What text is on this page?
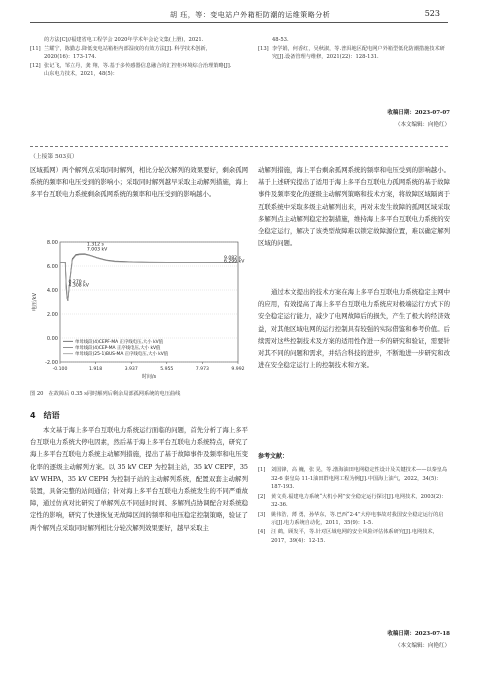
胡 珏，等：变电站户外箱柜防潮的运维策略分析	523
的方法[C]//福建省电工程学会 2020年学术年会论文集(上册)，2021.
[11] 兰耀宁，陈勤志.降低变电站箱柜内部湿度的有效方法[J]. 科学技术创新，2020(16)：173-174.
[12] 张记飞，邹立丹，龚 翔，等.基于多传感器信息融合的汇控柜环境综合治理策略[J].山东电力技术，2021，48(5)：
48-53.
[13] 李学娟，何香红，吴秋淑，等.普洱地区配电网户外箱型低化防潮措施技术研究[J].设备管理与维修，2021(22)：128-131.
收稿日期：2023-07-07
（本文编辑：向艳红）
（上接第 503页）

区域孤网）两个解列点采取同时解列，相比分轮次解列的效果要好，剩余孤网系统的频率和电压受到的影响小；采取同时解列越早采取主动解列措施，海上多平台互联电力系统剩余孤网系统的频率和电压受到的影响越小。

-2.00
0.00
2.00
4.00
6.00
8.00
-0.100	1.918	3.937	5.955	7.973	9.992
时间/s
电压/kV
1.312 s
7.003 kV
0.270 s
4.308 kV
9.082 s
6.299 kV
单母线段(4)CEPF-MA 正序线电压,大小 kV值
单母线段(4)CEP-MA 正序线电压,大小 kV值
单母线段(25-1)BUS-MA 正序线电压,大小 kV值
图 20　在故障后 0.35 s同时解列后剩余局部孤网系统的电压曲线
4　结语

本文基于海上多平台互联电力系统运行面临的问题，首先分析了海上多平台互联电力系统大停电因素，然后基于海上多平台互联电力系统特点，研究了海上多平台互联电力系统主动解列措施，提出了基于故障事件及频率和电压变化率的逐级主动解列方案。以 35 kV CEP 为控制主站，35 kV CEPF，35 kV WHPA，35 kV CEPH 为控制子站的主动解列系统，配置双套主动解列装置，具备完整的站间通信；针对海上多平台互联电力系统发生的不同严重故障，通过仿真对比研究了单解列点不同延时时间、多解列点协调配合对系统稳定性的影响，研究了快速恢复无故障区间的频率和电压稳定控制策略，验证了两个解列点采取同时解列相比分轮次解列效果要好，越早采取主

动解列措施，海上平台剩余孤网系统的频率和电压受到的影响越小。基于上述研究提出了适用于海上多平台互联电力孤网系统的基于故障事件及频率变化的逐级主动解列策略和技术方案，将故障区域隔离于互联系统中采取多级主动解列出来，再对未发生故障的孤网区域采取多解列点主动解列稳定控制措施，维持海上多平台互联电力系统的安全稳定运行，解决了该类型故障难以锁定故障源位置，难以确定解列区域的问题。

通过本文提出的技术方案在海上多平台互联电力系统稳定主网中的应用，有效提高了海上多平台互联电力系统应对极端运行方式下的安全稳定运行能力，减少了电网故障后的损失，产生了极大的经济效益，对其他区域电网的运行控制具有较强的实际借鉴和参考价值。后续需对这些控制技术及方案的适用性作进一步的研究和验证，需要针对其不同的问题和需求，并结合科技的进步，不断地进一步研究和改进在安全稳定运行上的控制技术和方案。

参考文献：
[1]	刘国锋，高 巍，张 晃，等.渤海油田电网稳定性设计及关键技术——以秦皇岛 32-6 秦皇岛 11-1油田群电网工程为例[J].中国海上油气，2022，34(5)：187-193.
[2]	黄文英.福建电力系统“大机小网”安全稳定运行探讨[J].电网技术，2003(2)：32-36.
[3]	姚伟浩，薄 勇，孙华东，等.巴西“2·4”大停电事故对我国安全稳定运行的启示[J].电力系统自动化，2011，35(9)：1-5.
[4]	汪 鹤，顾发平，等.针对区域电网的安全风险评估体系研究[J].电网技术，2017，39(4)：12-15.
收稿日期：2023-07-18
（本文编辑：向艳红）
